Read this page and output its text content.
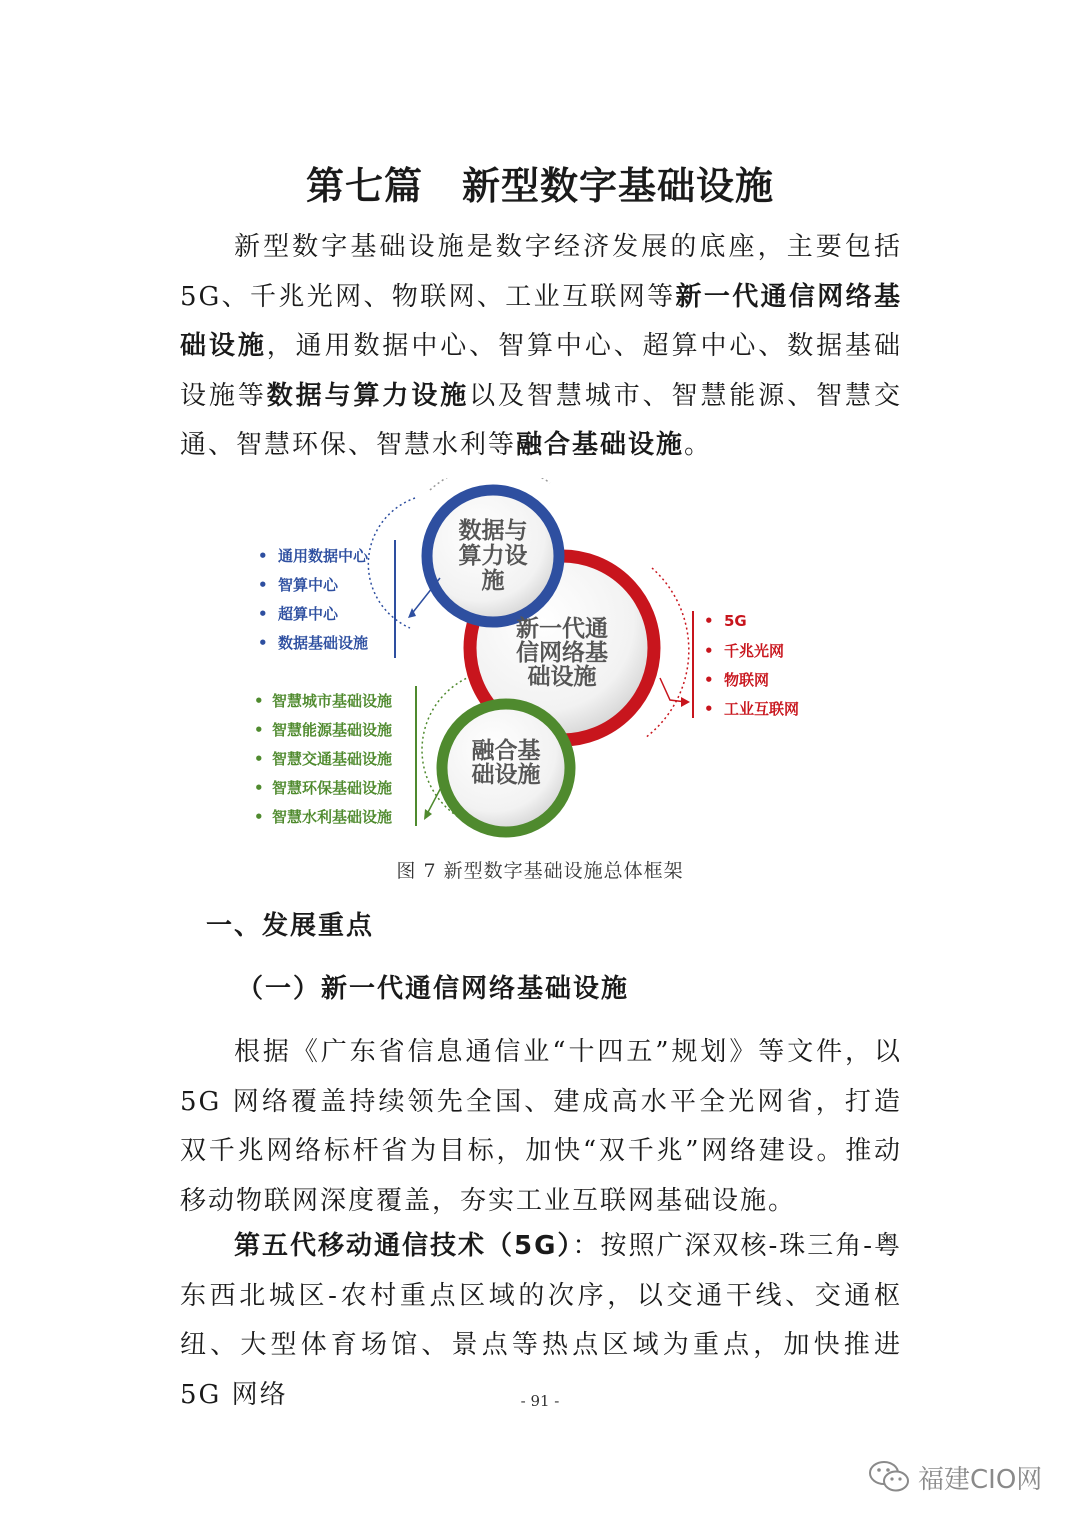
第七篇　新型数字基础设施

新型数字基础设施是数字经济发展的底座，主要包括 5G、千兆光网、物联网、工业互联网等新一代通信网络基础设施，通用数据中心、智算中心、超算中心、数据基础设施等数据与算力设施以及智慧城市、智慧能源、智慧交通、智慧环保、智慧水利等融合基础设施。

数据与
算力设
施
新一代通
信网络基
础设施
融合基
础设施
• 通用数据中心
• 智算中心
• 超算中心
• 数据基础设施
• 5G
• 千兆光网
• 物联网
• 工业互联网
• 智慧城市基础设施
• 智慧能源基础设施
• 智慧交通基础设施
• 智慧环保基础设施
• 智慧水利基础设施

图 7 新型数字基础设施总体框架

一、发展重点
（一）新一代通信网络基础设施

根据《广东省信息通信业“十四五”规划》等文件，以 5G 网络覆盖持续领先全国、建成高水平全光网省，打造双千兆网络标杆省为目标，加快“双千兆”网络建设。推动移动物联网深度覆盖，夯实工业互联网基础设施。

第五代移动通信技术（5G）：按照广深双核-珠三角-粤东西北城区-农村重点区域的次序，以交通干线、交通枢纽、大型体育场馆、景点等热点区域为重点，加快推进 5G 网络	- 91 -

福建CIO网
